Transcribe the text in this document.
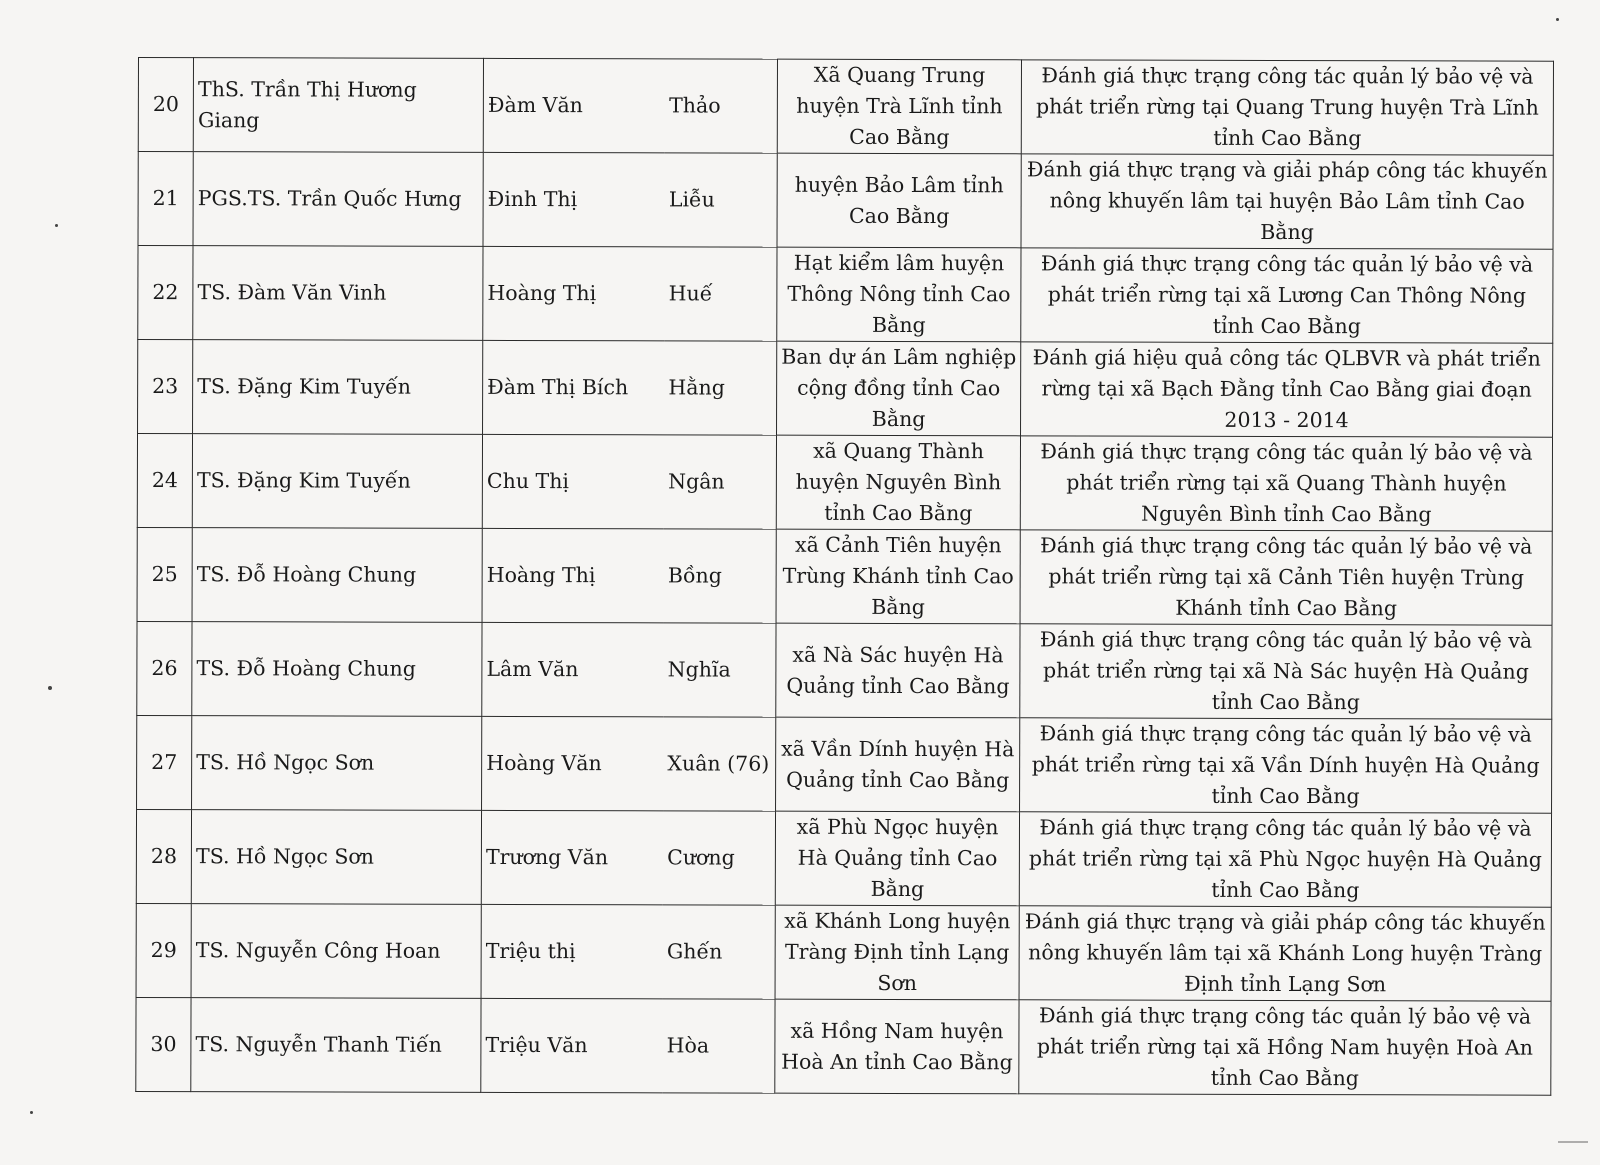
20	ThS. Trần Thị Hương Giang	Đàm Văn	Thảo	Xã Quang Trung huyện Trà Lĩnh tỉnh Cao Bằng	Đánh giá thực trạng công tác quản lý bảo vệ và phát triển rừng tại Quang Trung huyện Trà Lĩnh tỉnh Cao Bằng
21	PGS.TS. Trần Quốc Hưng	Đinh Thị	Liễu	huyện Bảo Lâm tỉnh Cao Bằng	Đánh giá thực trạng và giải pháp công tác khuyến nông khuyến lâm tại huyện Bảo Lâm tỉnh Cao Bằng
22	TS. Đàm Văn Vinh	Hoàng Thị	Huế	Hạt kiểm lâm huyện Thông Nông tỉnh Cao Bằng	Đánh giá thực trạng công tác quản lý bảo vệ và phát triển rừng tại xã Lương Can Thông Nông tỉnh Cao Bằng
23	TS. Đặng Kim Tuyến	Đàm Thị Bích	Hằng	Ban dự án Lâm nghiệp cộng đồng tỉnh Cao Bằng	Đánh giá hiệu quả công tác QLBVR và phát triển rừng tại xã Bạch Đằng tỉnh Cao Bằng giai đoạn 2013 - 2014
24	TS. Đặng Kim Tuyến	Chu Thị	Ngân	xã Quang Thành huyện Nguyên Bình tỉnh Cao Bằng	Đánh giá thực trạng công tác quản lý bảo vệ và phát triển rừng tại xã Quang Thành huyện Nguyên Bình tỉnh Cao Bằng
25	TS. Đỗ Hoàng Chung	Hoàng Thị	Bồng	xã Cảnh Tiên huyện Trùng Khánh tỉnh Cao Bằng	Đánh giá thực trạng công tác quản lý bảo vệ và phát triển rừng tại xã Cảnh Tiên huyện Trùng Khánh tỉnh Cao Bằng
26	TS. Đỗ Hoàng Chung	Lâm Văn	Nghĩa	xã Nà Sác huyện Hà Quảng tỉnh Cao Bằng	Đánh giá thực trạng công tác quản lý bảo vệ và phát triển rừng tại xã Nà Sác huyện Hà Quảng tỉnh Cao Bằng
27	TS. Hồ Ngọc Sơn	Hoàng Văn	Xuân (76)	xã Vần Dính huyện Hà Quảng tỉnh Cao Bằng	Đánh giá thực trạng công tác quản lý bảo vệ và phát triển rừng tại xã Vần Dính huyện Hà Quảng tỉnh Cao Bằng
28	TS. Hồ Ngọc Sơn	Trương Văn	Cương	xã Phù Ngọc huyện Hà Quảng tỉnh Cao Bằng	Đánh giá thực trạng công tác quản lý bảo vệ và phát triển rừng tại xã Phù Ngọc huyện Hà Quảng tỉnh Cao Bằng
29	TS. Nguyễn Công Hoan	Triệu thị	Ghến	xã Khánh Long huyện Tràng Định tỉnh Lạng Sơn	Đánh giá thực trạng và giải pháp công tác khuyến nông khuyến lâm tại xã Khánh Long huyện Tràng Định tỉnh Lạng Sơn
30	TS. Nguyễn Thanh Tiến	Triệu Văn	Hòa	xã Hồng Nam huyện Hoà An tỉnh Cao Bằng	Đánh giá thực trạng công tác quản lý bảo vệ và phát triển rừng tại xã Hồng Nam huyện Hoà An tỉnh Cao Bằng
